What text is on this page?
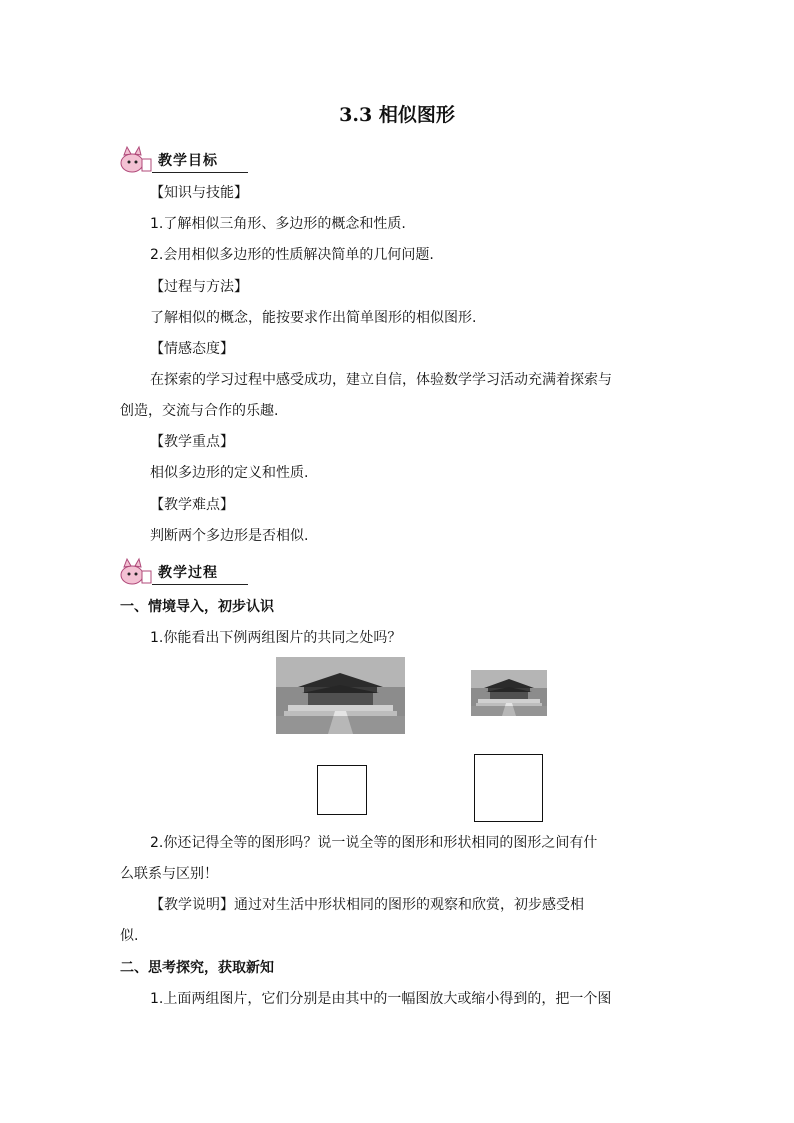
3.3 相似图形
教学目标
【知识与技能】
1.了解相似三角形、多边形的概念和性质.
2.会用相似多边形的性质解决简单的几何问题.
【过程与方法】
了解相似的概念，能按要求作出简单图形的相似图形.
【情感态度】
在探索的学习过程中感受成功，建立自信，体验数学学习活动充满着探索与
创造，交流与合作的乐趣.
【教学重点】
相似多边形的定义和性质.
【教学难点】
判断两个多边形是否相似.
教学过程
一、情境导入，初步认识
1.你能看出下例两组图片的共同之处吗？
2.你还记得全等的图形吗？说一说全等的图形和形状相同的图形之间有什
么联系与区别！
【教学说明】通过对生活中形状相同的图形的观察和欣赏，初步感受相
似.
二、思考探究，获取新知
1.上面两组图片，它们分别是由其中的一幅图放大或缩小得到的，把一个图
